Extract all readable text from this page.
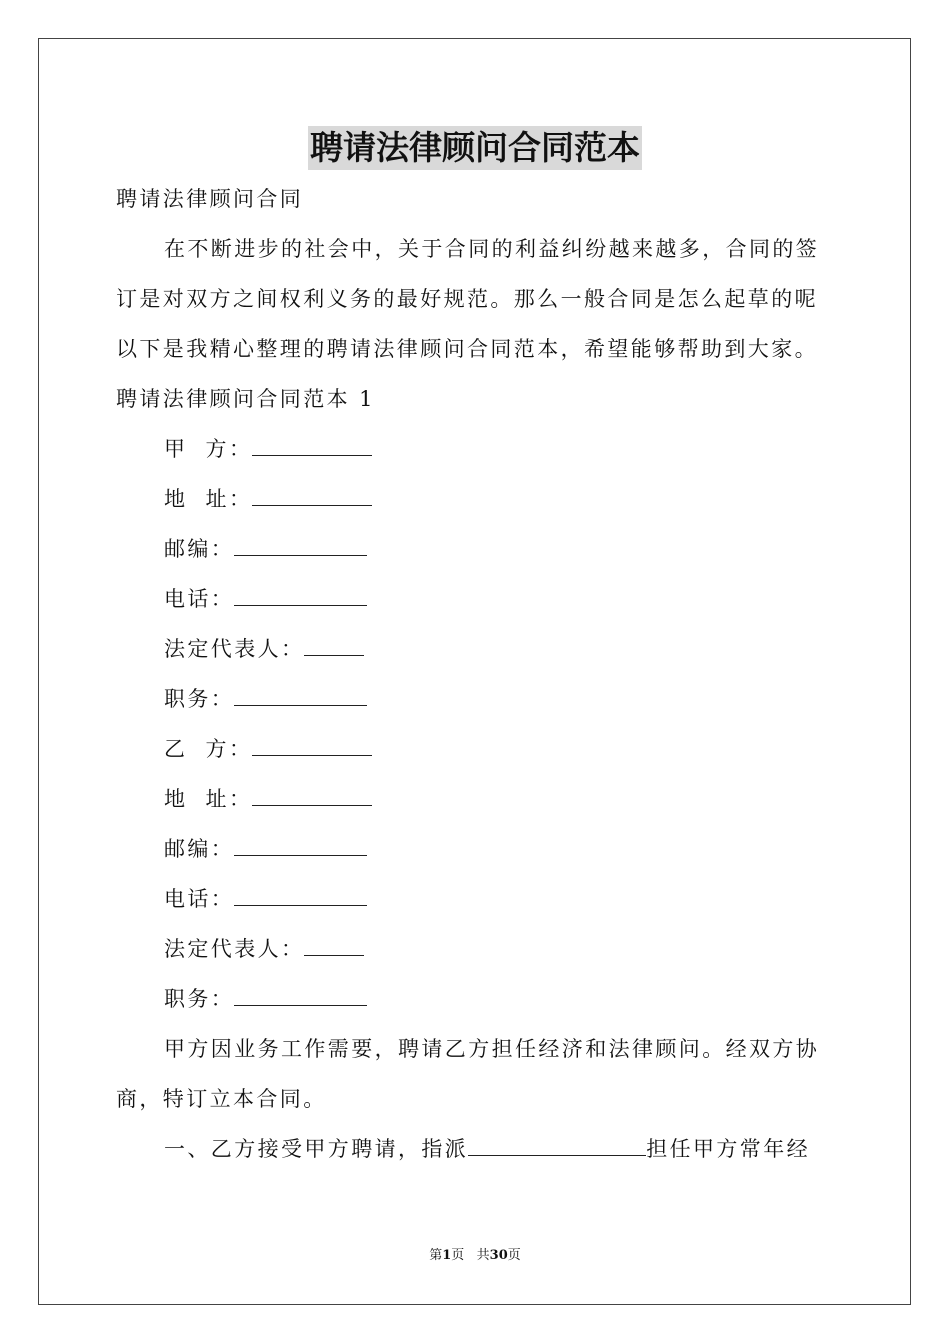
聘请法律顾问合同范本
聘请法律顾问合同
在不断进步的社会中，关于合同的利益纠纷越来越多，合同的签
订是对双方之间权利义务的最好规范。那么一般合同是怎么起草的呢
以下是我精心整理的聘请法律顾问合同范本，希望能够帮助到大家。
聘请法律顾问合同范本 1
甲  方：
地  址：
邮编：
电话：
法定代表人：
职务：
乙  方：
地  址：
邮编：
电话：
法定代表人：
职务：
甲方因业务工作需要，聘请乙方担任经济和法律顾问。经双方协
商，特订立本合同。
一、乙方接受甲方聘请，指派	担任甲方常年经
第1页   共30页
